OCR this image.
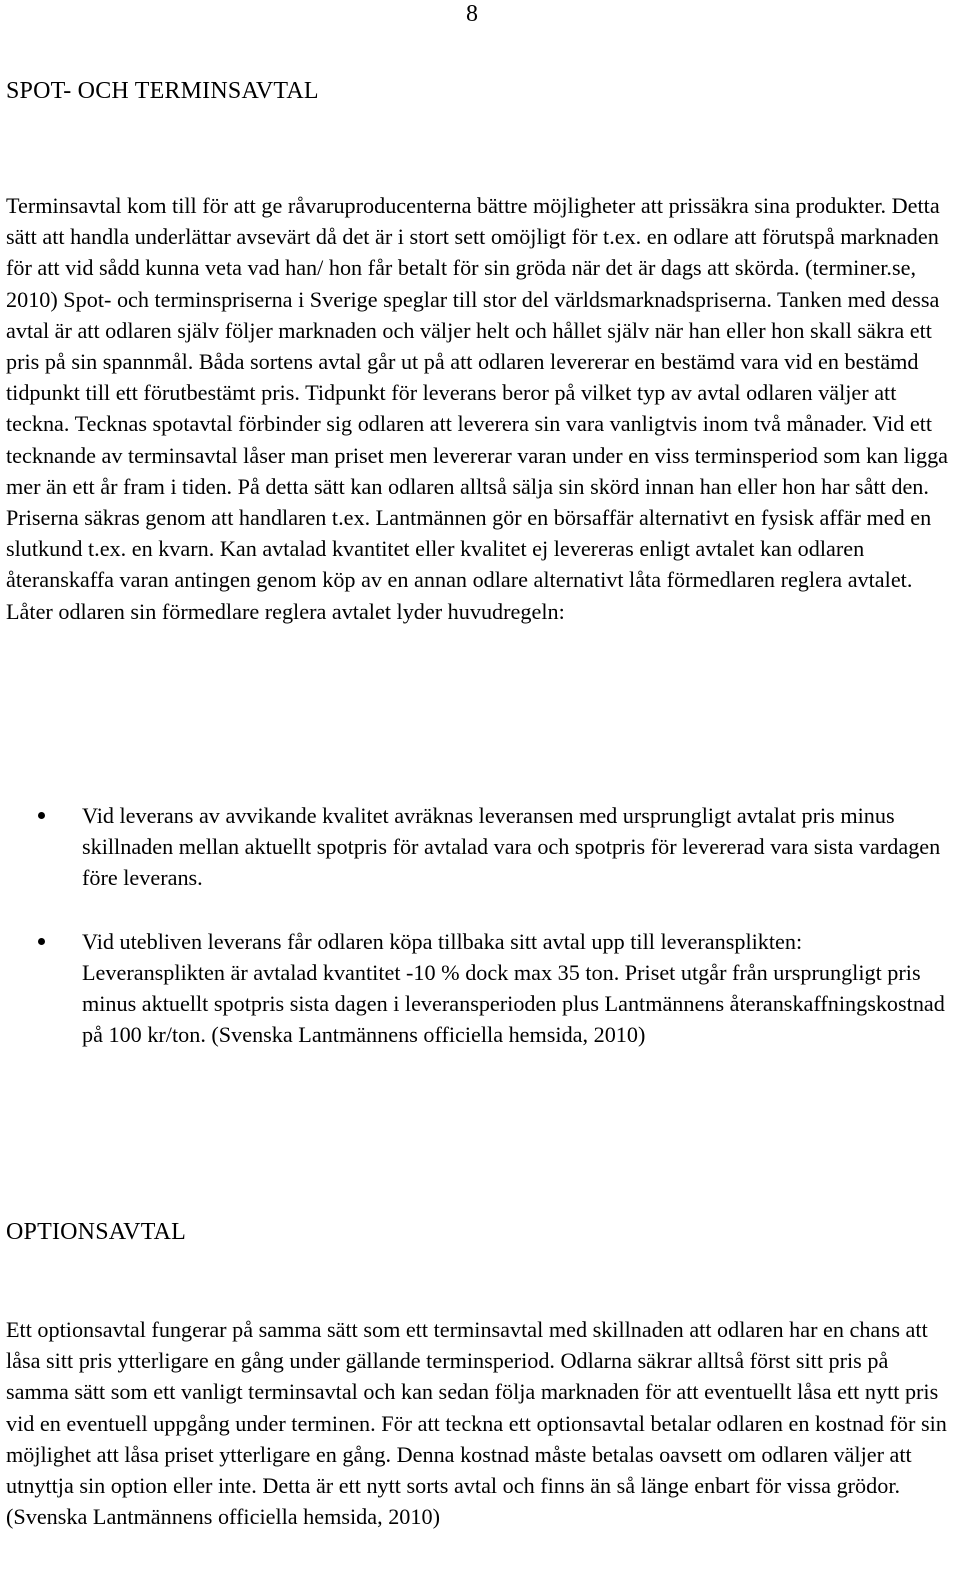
8
SPOT- OCH TERMINSAVTAL

Terminsavtal kom till för att ge råvaruproducenterna bättre möjligheter att prissäkra sina produkter. Detta sätt att handla underlättar avsevärt då det är i stort sett omöjligt för t.ex. en odlare att förutspå marknaden för att vid sådd kunna veta vad han/ hon får betalt för sin gröda när det är dags att skörda. (terminer.se, 2010) Spot- och terminspriserna i Sverige speglar till stor del världsmarknadspriserna. Tanken med dessa avtal är att odlaren själv följer marknaden och väljer helt och hållet själv när han eller hon skall säkra ett pris på sin spannmål. Båda sortens avtal går ut på att odlaren levererar en bestämd vara vid en bestämd tidpunkt till ett förutbestämt pris. Tidpunkt för leverans beror på vilket typ av avtal odlaren väljer att teckna. Tecknas spotavtal förbinder sig odlaren att leverera sin vara vanligtvis inom två månader. Vid ett tecknande av terminsavtal låser man priset men levererar varan under en viss terminsperiod som kan ligga mer än ett år fram i tiden. På detta sätt kan odlaren alltså sälja sin skörd innan han eller hon har sått den. Priserna säkras genom att handlaren t.ex. Lantmännen gör en börsaffär alternativt en fysisk affär med en slutkund t.ex. en kvarn. Kan avtalad kvantitet eller kvalitet ej levereras enligt avtalet kan odlaren återanskaffa varan antingen genom köp av en annan odlare alternativt låta förmedlaren reglera avtalet. Låter odlaren sin förmedlare reglera avtalet lyder huvudregeln:

Vid leverans av avvikande kvalitet avräknas leveransen med ursprungligt avtalat pris minus skillnaden mellan aktuellt spotpris för avtalad vara och spotpris för levererad vara sista vardagen före leverans.
Vid utebliven leverans får odlaren köpa tillbaka sitt avtal upp till leveransplikten: Leveransplikten är avtalad kvantitet -10 % dock max 35 ton. Priset utgår från ursprungligt pris minus aktuellt spotpris sista dagen i leveransperioden plus Lantmännens återanskaffningskostnad på 100 kr/ton. (Svenska Lantmännens officiella hemsida, 2010)
OPTIONSAVTAL

Ett optionsavtal fungerar på samma sätt som ett terminsavtal med skillnaden att odlaren har en chans att låsa sitt pris ytterligare en gång under gällande terminsperiod. Odlarna säkrar alltså först sitt pris på samma sätt som ett vanligt terminsavtal och kan sedan följa marknaden för att eventuellt låsa ett nytt pris vid en eventuell uppgång under terminen. För att teckna ett optionsavtal betalar odlaren en kostnad för sin möjlighet att låsa priset ytterligare en gång. Denna kostnad måste betalas oavsett om odlaren väljer att utnyttja sin option eller inte. Detta är ett nytt sorts avtal och finns än så länge enbart för vissa grödor. (Svenska Lantmännens officiella hemsida, 2010)
